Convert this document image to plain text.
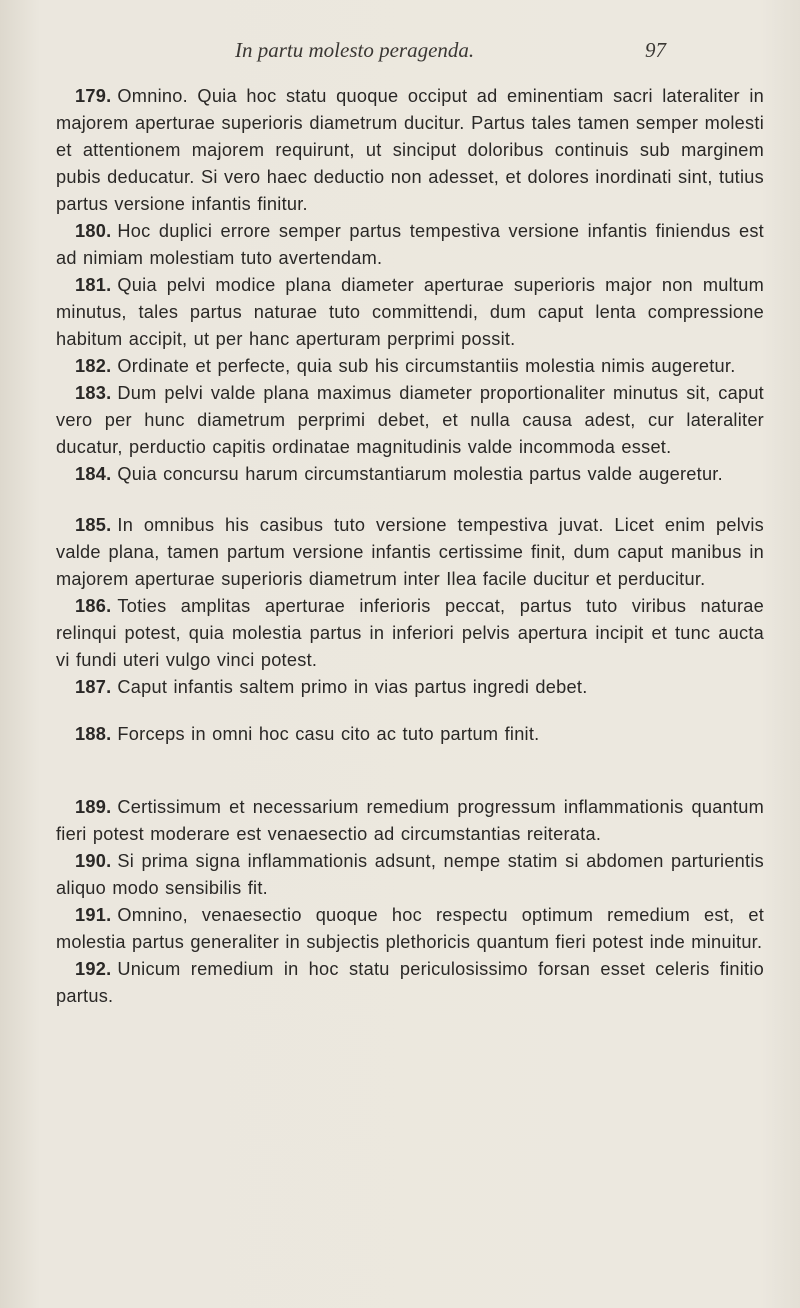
In partu molesto peragenda.	97

179. Omnino. Quia hoc statu quoque occiput ad eminentiam sacri lateraliter in majorem aperturae superioris diametrum ducitur. Partus tales tamen semper molesti et attentionem majorem requirunt, ut sinciput doloribus continuis sub marginem pubis deducatur. Si vero haec deductio non adesset, et dolores inordinati sint, tutius partus versione infantis finitur.

180. Hoc duplici errore semper partus tempestiva versione infantis finiendus est ad nimiam molestiam tuto avertendam.

181. Quia pelvi modice plana diameter aperturae superioris major non multum minutus, tales partus naturae tuto committendi, dum caput lenta compressione habitum accipit, ut per hanc aperturam perprimi possit.

182. Ordinate et perfecte, quia sub his circumstantiis molestia nimis augeretur.

183. Dum pelvi valde plana maximus diameter proportionaliter minutus sit, caput vero per hunc diametrum perprimi debet, et nulla causa adest, cur lateraliter ducatur, perductio capitis ordinatae magnitudinis valde incommoda esset.

184. Quia concursu harum circumstantiarum molestia partus valde augeretur.

185. In omnibus his casibus tuto versione tempestiva juvat. Licet enim pelvis valde plana, tamen partum versione infantis certissime finit, dum caput manibus in majorem aperturae superioris diametrum inter Ilea facile ducitur et perducitur.

186. Toties amplitas aperturae inferioris peccat, partus tuto viribus naturae relinqui potest, quia molestia partus in inferiori pelvis apertura incipit et tunc aucta vi fundi uteri vulgo vinci potest.

187. Caput infantis saltem primo in vias partus ingredi debet.

188. Forceps in omni hoc casu cito ac tuto partum finit.

189. Certissimum et necessarium remedium progressum inflammationis quantum fieri potest moderare est venaesectio ad circumstantias reiterata.

190. Si prima signa inflammationis adsunt, nempe statim si abdomen parturientis aliquo modo sensibilis fit.

191. Omnino, venaesectio quoque hoc respectu optimum remedium est, et molestia partus generaliter in subjectis plethoricis quantum fieri potest inde minuitur.

192. Unicum remedium in hoc statu periculosissimo forsan esset celeris finitio partus.
